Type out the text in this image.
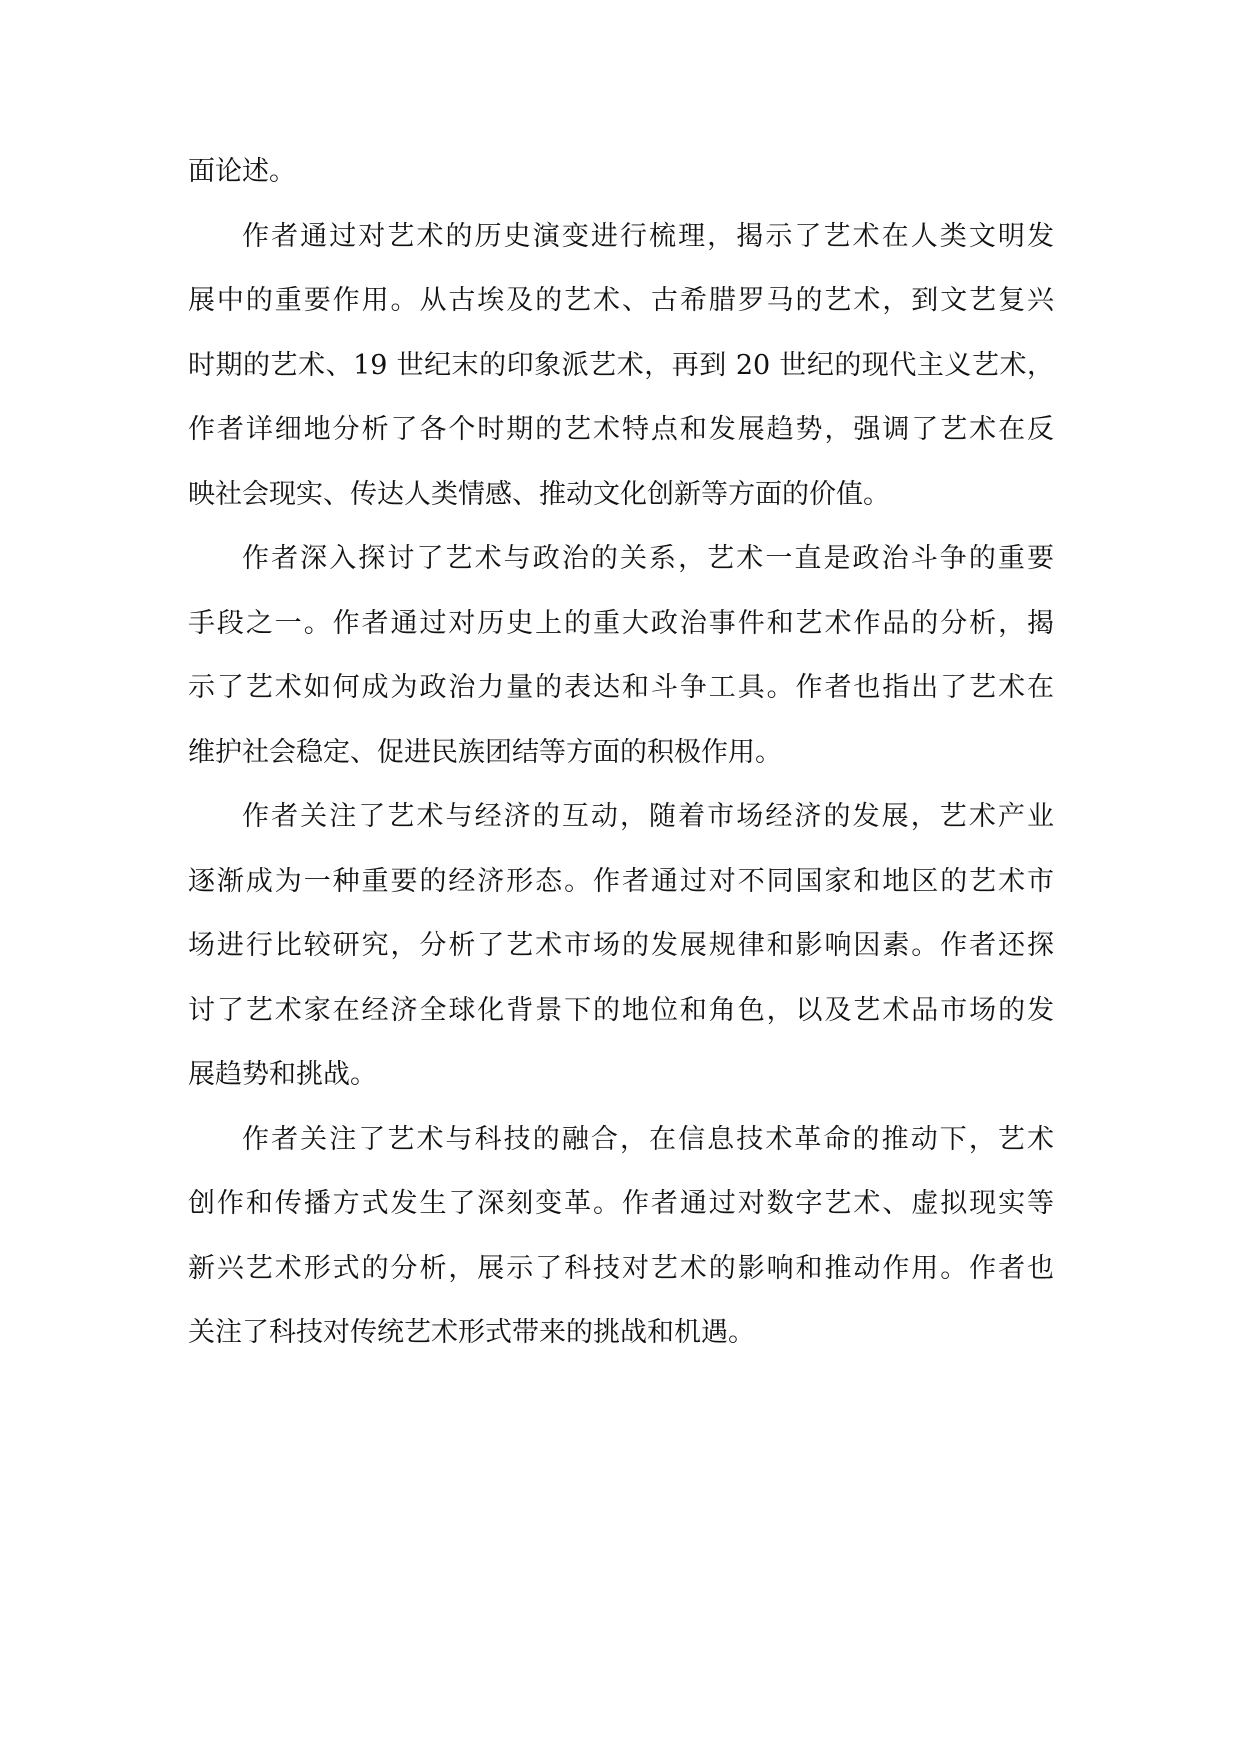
面论述。
作者通过对艺术的历史演变进行梳理，揭示了艺术在人类文明发
展中的重要作用。从古埃及的艺术、古希腊罗马的艺术，到文艺复兴
时期的艺术、19 世纪末的印象派艺术，再到 20 世纪的现代主义艺术，
作者详细地分析了各个时期的艺术特点和发展趋势，强调了艺术在反
映社会现实、传达人类情感、推动文化创新等方面的价值。
作者深入探讨了艺术与政治的关系，艺术一直是政治斗争的重要
手段之一。作者通过对历史上的重大政治事件和艺术作品的分析，揭
示了艺术如何成为政治力量的表达和斗争工具。作者也指出了艺术在
维护社会稳定、促进民族团结等方面的积极作用。
作者关注了艺术与经济的互动，随着市场经济的发展，艺术产业
逐渐成为一种重要的经济形态。作者通过对不同国家和地区的艺术市
场进行比较研究，分析了艺术市场的发展规律和影响因素。作者还探
讨了艺术家在经济全球化背景下的地位和角色，以及艺术品市场的发
展趋势和挑战。
作者关注了艺术与科技的融合，在信息技术革命的推动下，艺术
创作和传播方式发生了深刻变革。作者通过对数字艺术、虚拟现实等
新兴艺术形式的分析，展示了科技对艺术的影响和推动作用。作者也
关注了科技对传统艺术形式带来的挑战和机遇。
